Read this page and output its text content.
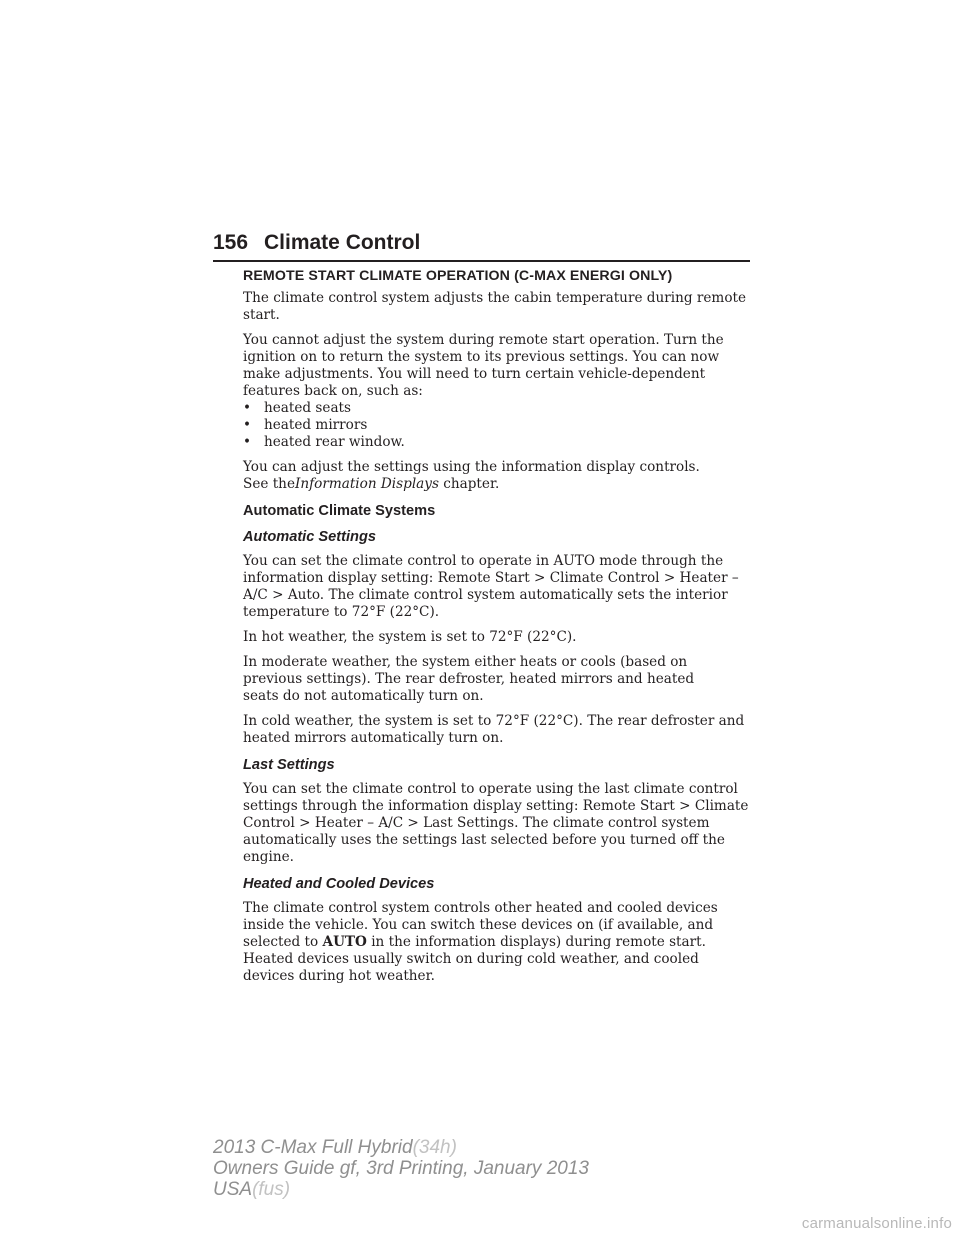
156 Climate Control
REMOTE START CLIMATE OPERATION (C-MAX ENERGI ONLY)

The climate control system adjusts the cabin temperature during remote
start.

You cannot adjust the system during remote start operation. Turn the
ignition on to return the system to its previous settings. You can now
make adjustments. You will need to turn certain vehicle-dependent
features back on, such as:

• heated seats
• heated mirrors
• heated rear window.

You can adjust the settings using the information display controls.
See theInformation Displays chapter.

Automatic Climate Systems
Automatic Settings

You can set the climate control to operate in AUTO mode through the
information display setting: Remote Start > Climate Control > Heater –
A/C > Auto. The climate control system automatically sets the interior
temperature to 72°F (22°C).

In hot weather, the system is set to 72°F (22°C).

In moderate weather, the system either heats or cools (based on
previous settings). The rear defroster, heated mirrors and heated
seats do not automatically turn on.

In cold weather, the system is set to 72°F (22°C). The rear defroster and
heated mirrors automatically turn on.

Last Settings

You can set the climate control to operate using the last climate control
settings through the information display setting: Remote Start > Climate
Control > Heater – A/C > Last Settings. The climate control system
automatically uses the settings last selected before you turned off the
engine.

Heated and Cooled Devices

The climate control system controls other heated and cooled devices
inside the vehicle. You can switch these devices on (if available, and
selected to AUTO in the information displays) during remote start.
Heated devices usually switch on during cold weather, and cooled
devices during hot weather.

2013 C-Max Full Hybrid(34h)
Owners Guide gf, 3rd Printing, January 2013
USA(fus)
carmanualsonline.info
